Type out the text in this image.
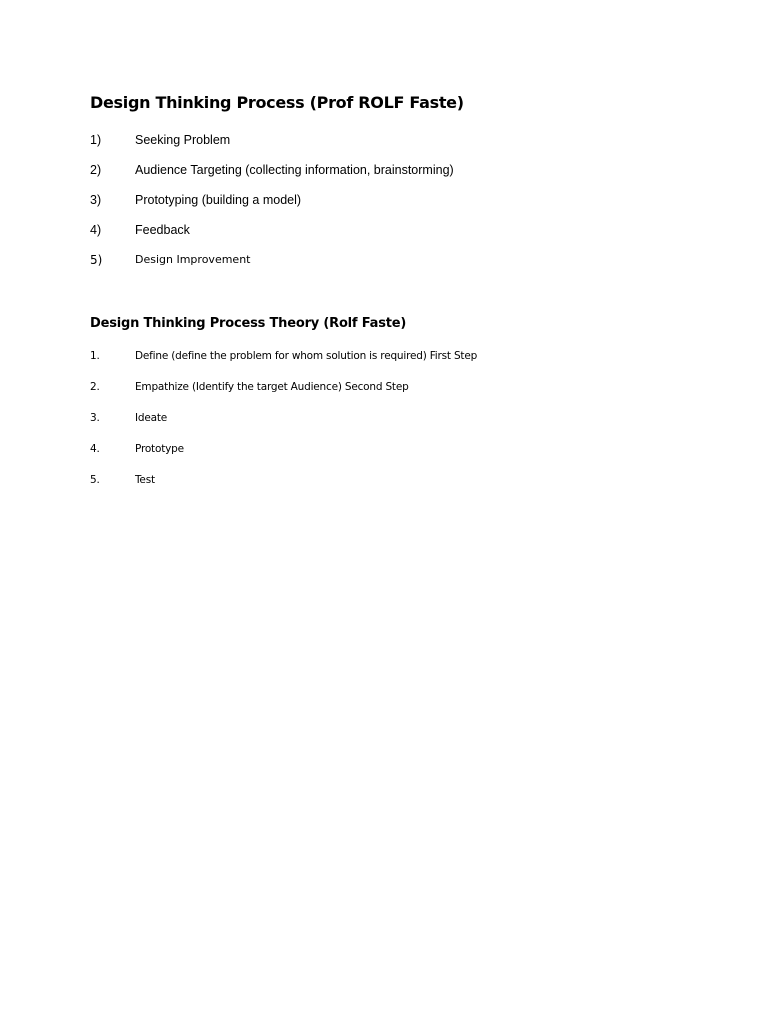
Design Thinking Process (Prof ROLF Faste)
1)	Seeking Problem
2)	Audience Targeting (collecting information, brainstorming)
3)	Prototyping (building a model)
4)	Feedback
5)	Design Improvement
Design Thinking Process Theory (Rolf Faste)
1.	Define (define the problem for whom solution is required) First Step
2.	Empathize (Identify the target Audience) Second Step
3.	Ideate
4.	Prototype
5.	Test
